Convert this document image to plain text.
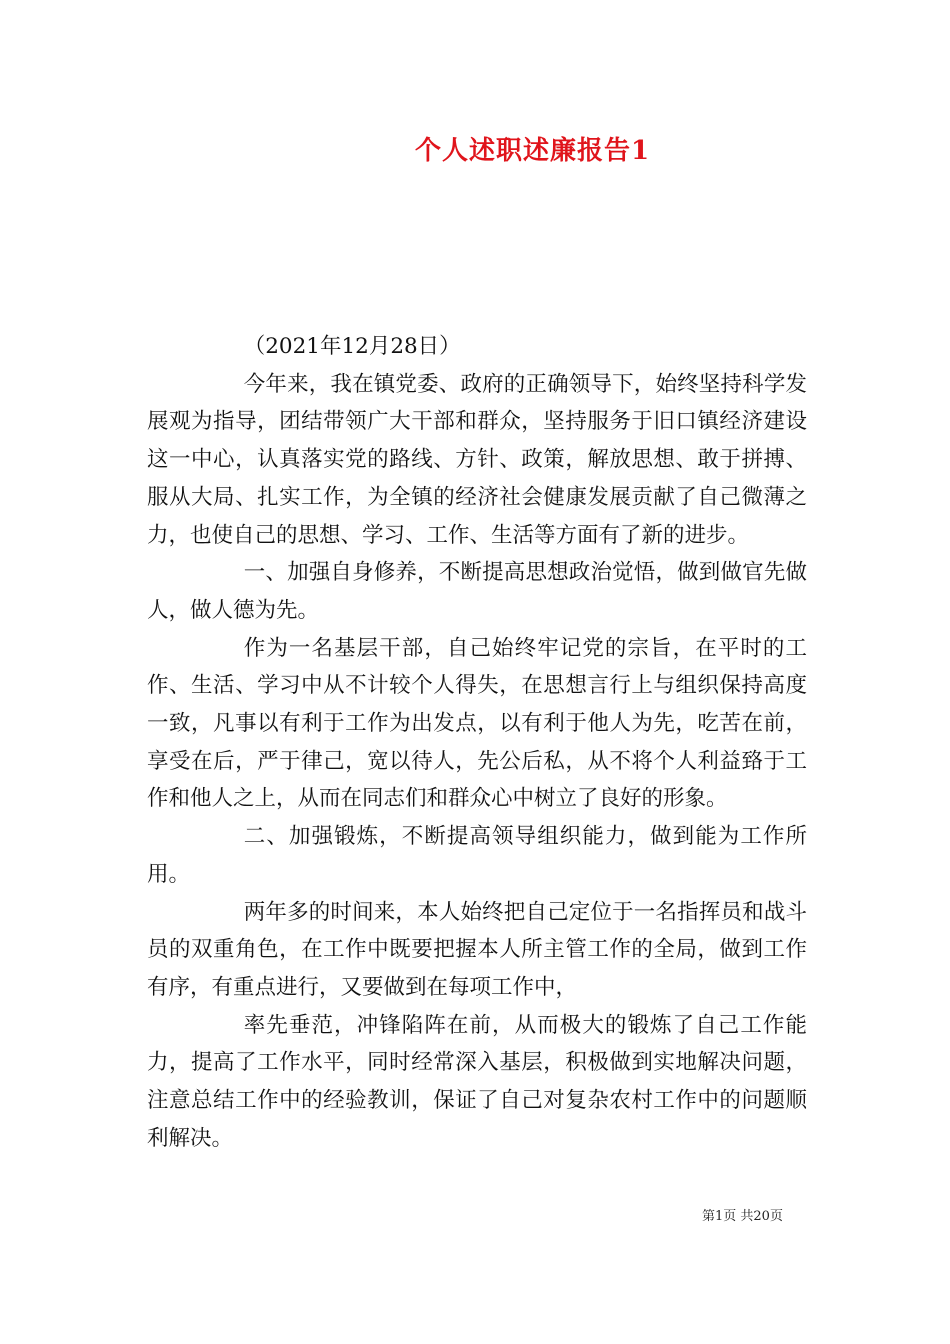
个人述职述廉报告1

（2021年12月28日）

今年来，我在镇党委、政府的正确领导下，始终坚持科学发展观为指导，团结带领广大干部和群众，坚持服务于旧口镇经济建设这一中心，认真落实党的路线、方针、政策，解放思想、敢于拼搏、服从大局、扎实工作，为全镇的经济社会健康发展贡献了自己微薄之力，也使自己的思想、学习、工作、生活等方面有了新的进步。

一、加强自身修养，不断提高思想政治觉悟，做到做官先做人，做人德为先。

作为一名基层干部，自己始终牢记党的宗旨，在平时的工作、生活、学习中从不计较个人得失，在思想言行上与组织保持高度一致，凡事以有利于工作为出发点，以有利于他人为先，吃苦在前，享受在后，严于律己，宽以待人，先公后私，从不将个人利益臵于工作和他人之上，从而在同志们和群众心中树立了良好的形象。

二、加强锻炼，不断提高领导组织能力，做到能为工作所用。

两年多的时间来，本人始终把自己定位于一名指挥员和战斗员的双重角色，在工作中既要把握本人所主管工作的全局，做到工作有序，有重点进行，又要做到在每项工作中，

率先垂范，冲锋陷阵在前，从而极大的锻炼了自己工作能力，提高了工作水平，同时经常深入基层，积极做到实地解决问题，注意总结工作中的经验教训，保证了自己对复杂农村工作中的问题顺利解决。

第1页 共20页
